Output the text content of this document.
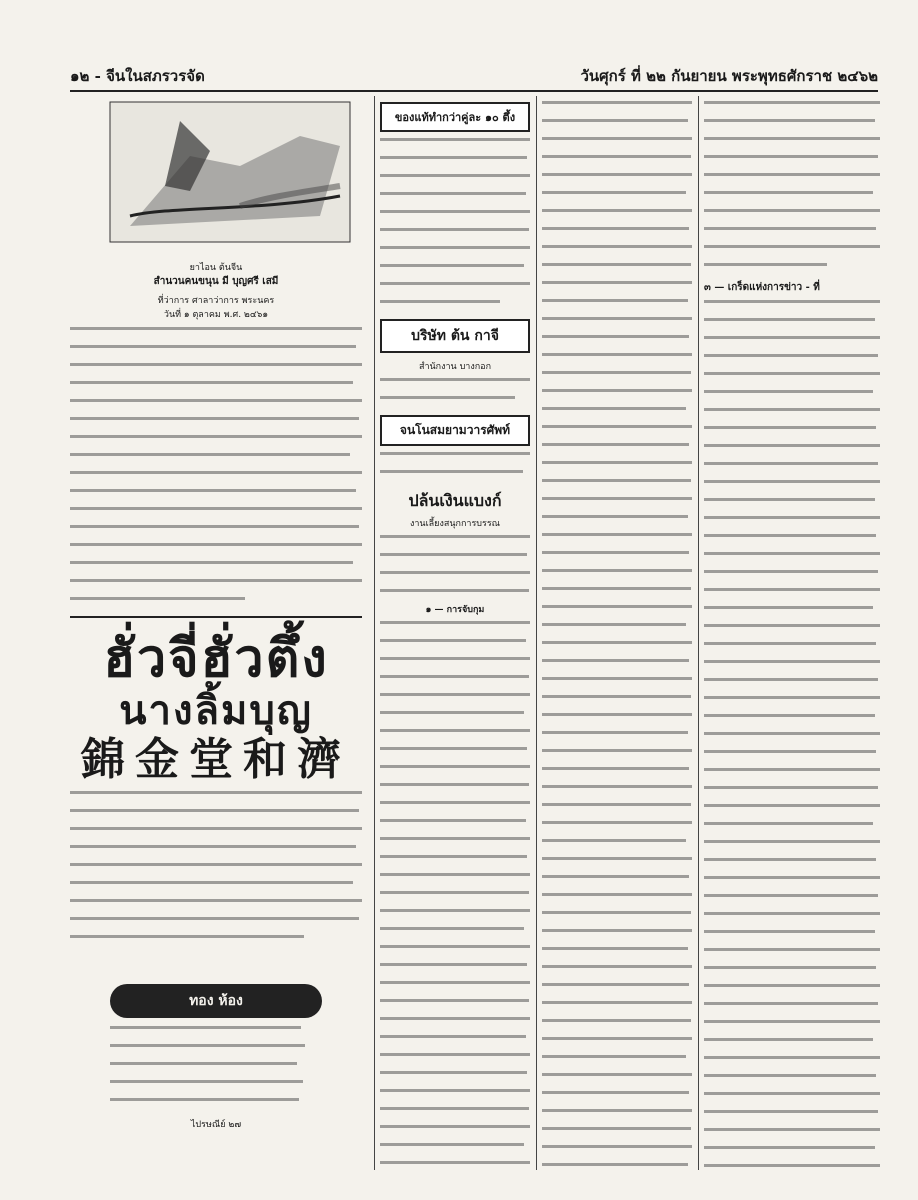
๑๒ - จีนในสภรวรจัด	วันศุกร์ ที่ ๒๒ กันยายน พระพุทธศักราช ๒๔๖๒
ยาไอน ต้นจีน
สำนวนคนขนุน มี บุญศรี เสมี
ที่ว่าการ ศาลาว่าการ พระนคร
วันที่ ๑ ตุลาคม พ.ศ. ๒๔๖๑
ฮั่วจี่ฮั่วตึ้ง
นางลิ้มบุญ
錦金堂和濟
ทอง ห้อง
ไปรษณีย์ ๒๗
ของแท้ทำกว่าคู่ละ ๑๐ ตึ้ง
บริษัท ต้น กาจี
สำนักงาน บางกอก
จนโนสมยามวารศัพท์
ปล้นเงินแบงก์
งานเลี้ยงสนุกการบรรณ
๑ — การจับกุม
๓ — เกร็ดแห่งการข่าว - ที่
